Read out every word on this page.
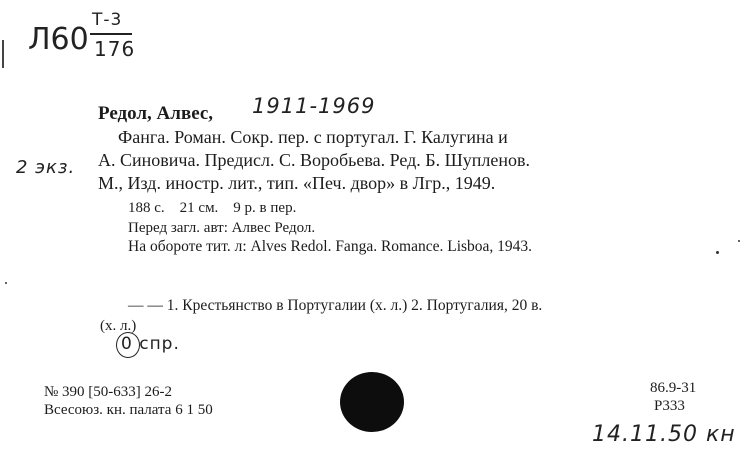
Л60
Т-3
176
Редол, Алвес, 1911-1969
2 экз.
Фанга. Роман. Сокр. пер. с португал. Г. Калугина и
А. Синовича. Предисл. С. Воробьева. Ред. Б. Шупленов.
М., Изд. иностр. лит., тип. «Печ. двор» в Лгр., 1949.
188 с.    21 см.    9 р. в пер.
Перед загл. авт: Алвес Редол.
На обороте тит. л: Alves Redol. Fanga. Romance. Lisboa, 1943.
— — 1. Крестьянство в Португалии (х. л.) 2. Португалия, 20 в.
(х. л.)
0 спр.
№ 390 [50-633] 26-2
Всесоюз. кн. палата 6 1 50
86.9-31
Р333
14.11.50 кн
